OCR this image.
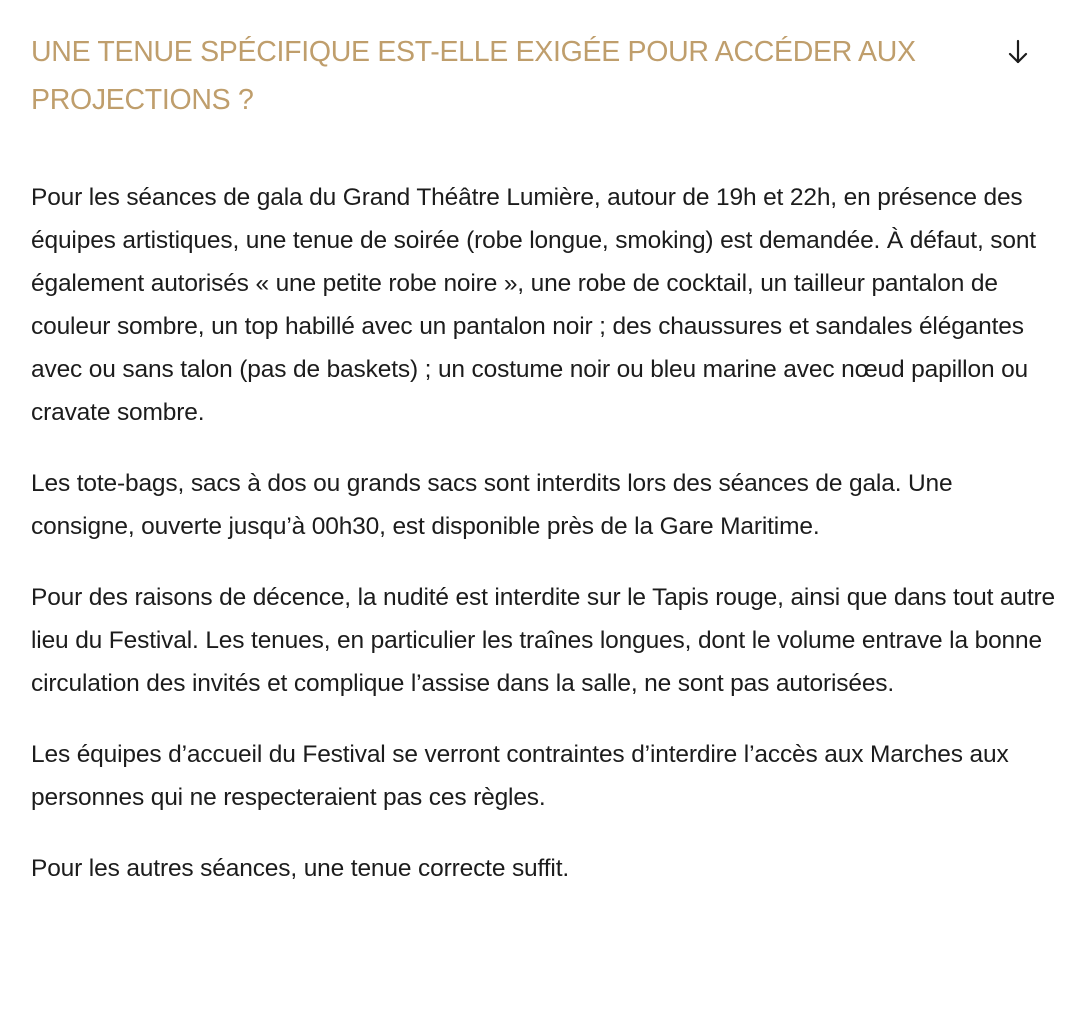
UNE TENUE SPÉCIFIQUE EST-ELLE EXIGÉE POUR ACCÉDER AUX PROJECTIONS ?

Pour les séances de gala du Grand Théâtre Lumière, autour de 19h et 22h, en présence des équipes artistiques, une tenue de soirée (robe longue, smoking) est demandée. À défaut, sont également autorisés « une petite robe noire », une robe de cocktail, un tailleur pantalon de couleur sombre, un top habillé avec un pantalon noir ; des chaussures et sandales élégantes avec ou sans talon (pas de baskets) ; un costume noir ou bleu marine avec nœud papillon ou cravate sombre.

Les tote-bags, sacs à dos ou grands sacs sont interdits lors des séances de gala. Une consigne, ouverte jusqu’à 00h30, est disponible près de la Gare Maritime.

Pour des raisons de décence, la nudité est interdite sur le Tapis rouge, ainsi que dans tout autre lieu du Festival. Les tenues, en particulier les traînes longues, dont le volume entrave la bonne circulation des invités et complique l’assise dans la salle, ne sont pas autorisées.

Les équipes d’accueil du Festival se verront contraintes d’interdire l’accès aux Marches aux personnes qui ne respecteraient pas ces règles.

Pour les autres séances, une tenue correcte suffit.
